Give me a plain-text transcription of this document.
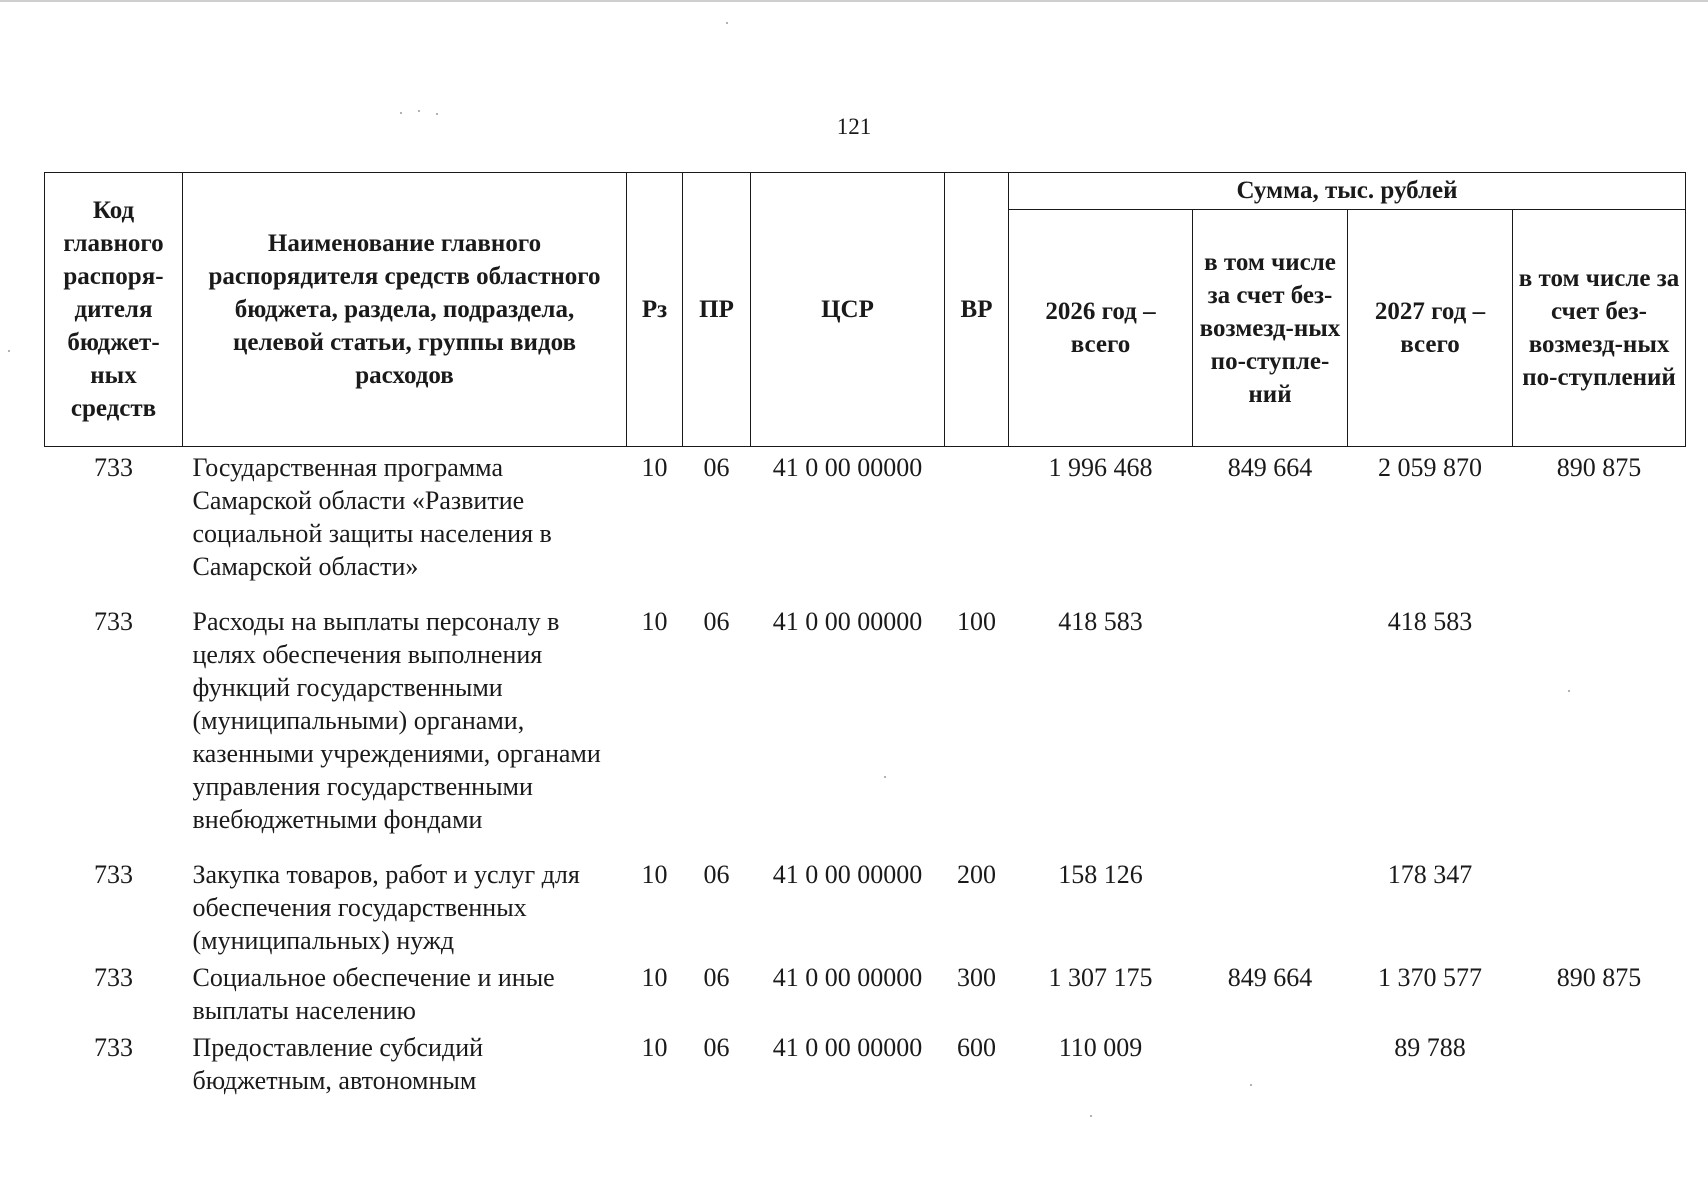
121
Код главного распоря-дителя бюджет-ных средств	Наименование главного распорядителя средств областного бюджета, раздела, подраздела, целевой статьи, группы видов расходов	Рз	ПР	ЦСР	ВР	Сумма, тыс. рублей			
						2026 год – всего	в том числе за счет без-возмезд-ных по-ступле-ний	2027 год – всего	в том числе за счет без-возмезд-ных по-ступлений
733	Государственная программа Самарской области «Развитие социальной защиты населения в Самарской области»	10	06	41 0 00 00000		1 996 468	849 664	2 059 870	890 875
733	Расходы на выплаты персоналу в целях обеспечения выполнения функций государственными (муниципальными) органами, казенными учреждениями, органами управления государственными внебюджетными фондами	10	06	41 0 00 00000	100	418 583		418 583	
733	Закупка товаров, работ и услуг для обеспечения государственных (муниципальных) нужд	10	06	41 0 00 00000	200	158 126		178 347	
733	Социальное обеспечение и иные выплаты населению	10	06	41 0 00 00000	300	1 307 175	849 664	1 370 577	890 875
733	Предоставление субсидий бюджетным, автономным	10	06	41 0 00 00000	600	110 009		89 788	
